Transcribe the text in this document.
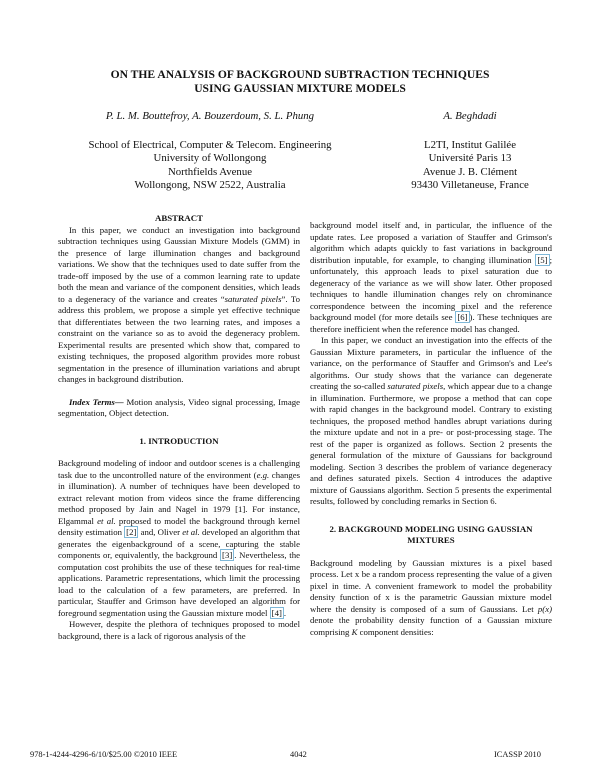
ON THE ANALYSIS OF BACKGROUND SUBTRACTION TECHNIQUES
USING GAUSSIAN MIXTURE MODELS
P. L. M. Bouttefroy, A. Bouzerdoum, S. L. Phung	A. Beghdadi
School of Electrical, Computer & Telecom. Engineering
University of Wollongong
Northfields Avenue
Wollongong, NSW 2522, Australia
L2TI, Institut Galilée
Université Paris 13
Avenue J. B. Clément
93430 Villetaneuse, France
ABSTRACT

In this paper, we conduct an investigation into background subtraction techniques using Gaussian Mixture Models (GMM) in the presence of large illumination changes and background variations. We show that the techniques used to date suffer from the trade-off imposed by the use of a common learning rate to update both the mean and variance of the component densities, which leads to a degeneracy of the variance and creates “saturated pixels”. To address this problem, we propose a simple yet effective technique that differentiates between the two learning rates, and imposes a constraint on the variance so as to avoid the degeneracy problem. Experimental results are presented which show that, compared to existing techniques, the proposed algorithm provides more robust segmentation in the presence of illumination variations and abrupt changes in background distribution.

Index Terms— Motion analysis, Video signal processing, Image segmentation, Object detection.

1. INTRODUCTION

Background modeling of indoor and outdoor scenes is a challenging task due to the uncontrolled nature of the environment (e.g. changes in illumination). A number of techniques have been developed to extract relevant motion from videos since the frame differencing method proposed by Jain and Nagel in 1979 [1]. For instance, Elgammal et al. proposed to model the background through kernel density estimation [2] and, Oliver et al. developed an algorithm that generates the eigenbackground of a scene, capturing the stable components or, equivalently, the background [3] . Nevertheless, the computation cost prohibits the use of these techniques for real-time applications. Parametric representations, which limit the processing load to the calculation of a few parameters, are preferred. In particular, Stauffer and Grimson have developed an algorithm for foreground segmentation using the Gaussian mixture model [4] .

However, despite the plethora of techniques proposed to model background, there is a lack of rigorous analysis of the

background model itself and, in particular, the influence of the update rates. Lee proposed a variation of Stauffer and Grimson's algorithm which adapts quickly to fast variations in background distribution inputable, for example, to changing illumination [5] ; unfortunately, this approach leads to pixel saturation due to degeneracy of the variance as we will show later. Other proposed techniques to handle illumination changes rely on chrominance correspondence between the incoming pixel and the reference background model (for more details see [6] ). These techniques are therefore inefficient when the reference model has changed.

In this paper, we conduct an investigation into the effects of the Gaussian Mixture parameters, in particular the influence of the variance, on the performance of Stauffer and Grimson's and Lee's algorithms. Our study shows that the variance can degenerate creating the so-called saturated pixels, which appear due to a change in illumination. Furthermore, we propose a method that can cope with rapid changes in the background model. Contrary to existing techniques, the proposed method handles abrupt variations during the mixture update and not in a pre- or post-processing stage. The rest of the paper is organized as follows. Section 2 presents the general formulation of the mixture of Gaussians for background modeling. Section 3 describes the problem of variance degeneracy and defines saturated pixels. Section 4 introduces the adaptive mixture of Gaussians algorithm. Section 5 presents the experimental results, followed by concluding remarks in Section 6.

2. BACKGROUND MODELING USING GAUSSIAN
MIXTURES

Background modeling by Gaussian mixtures is a pixel based process. Let x be a random process representing the value of a given pixel in time. A convenient framework to model the probability density function of x is the parametric Gaussian mixture model where the density is composed of a sum of Gaussians. Let p(x) denote the probability density function of a Gaussian mixture comprising K component densities:

978-1-4244-4296-6/10/$25.00 ©2010 IEEE	4042	ICASSP 2010
